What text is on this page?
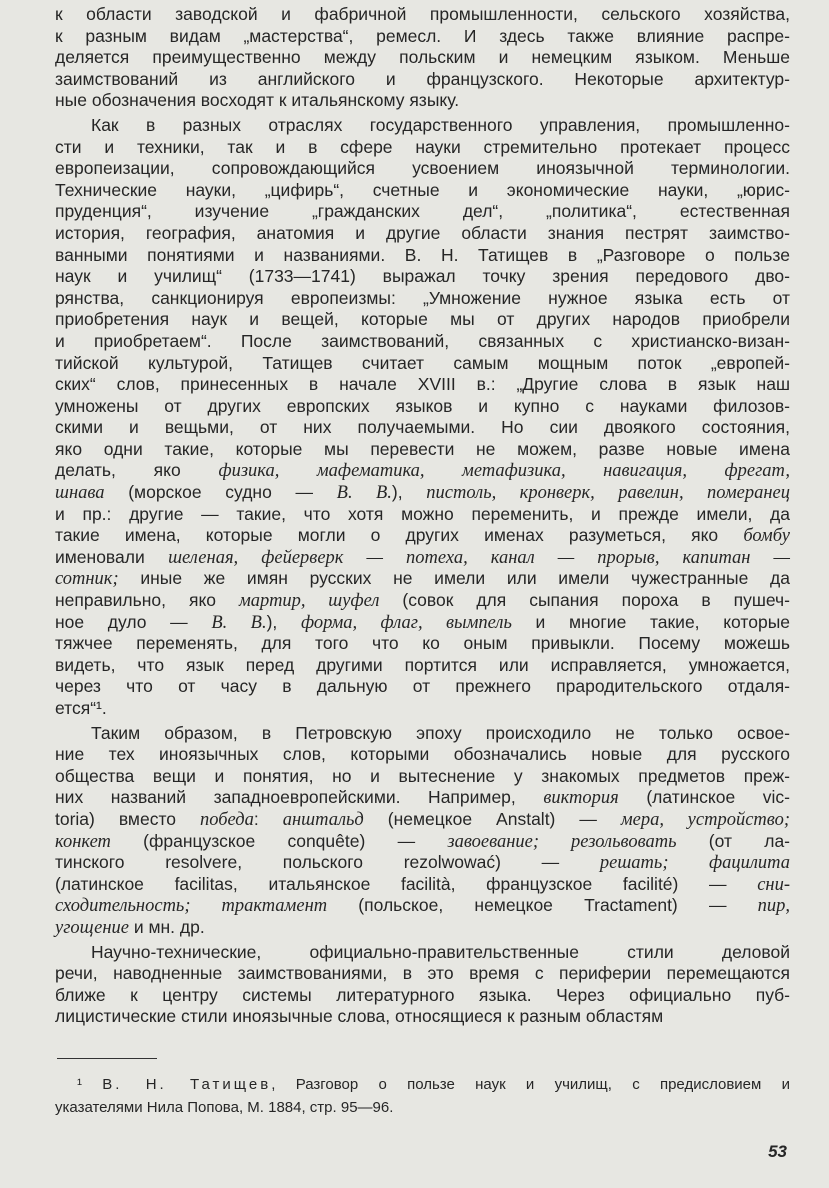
к области заводской и фабричной промышленности, сельского хозяйства,
к разным видам „мастерства“, ремесл. И здесь также влияние распре-
деляется преимущественно между польским и немецким языком. Меньше
заимствований из английского и французского. Некоторые архитектур-
ные обозначения восходят к итальянскому языку.
Как в разных отраслях государственного управления, промышленно-
сти и техники, так и в сфере науки стремительно протекает процесс
европеизации, сопровождающийся усвоением иноязычной терминологии.
Технические науки, „цифирь“, счетные и экономические науки, „юрис-
пруденция“, изучение „гражданских дел“, „политика“, естественная
история, география, анатомия и другие области знания пестрят заимство-
ванными понятиями и названиями. В. Н. Татищев в „Разговоре о пользе
наук и училищ“ (1733—1741) выражал точку зрения передового дво-
рянства, санкционируя европеизмы: „Умножение нужное языка есть от
приобретения наук и вещей, которые мы от других народов приобрели
и приобретаем“. После заимствований, связанных с христианско-визан-
тийской культурой, Татищев считает самым мощным поток „европей-
ских“ слов, принесенных в начале XVIII в.: „Другие слова в язык наш
умножены от других европских языков и купно с науками филозов-
скими и вещьми, от них получаемыми. Но сии двоякого состояния,
яко одни такие, которые мы перевести не можем, разве новые имена
делать, яко физика, мафематика, метафизика, навигация, фрегат,
шнава (морское судно — В. В.), пистоль, кронверк, равелин, померанец
и пр.: другие — такие, что хотя можно переменить, и прежде имели, да
такие имена, которые могли о других именах разуметься, яко бомбу
именовали шеленая, фейерверк — потеха, канал — прорыв, капитан —
сотник; иные же имян русских не имели или имели чужестранные да
неправильно, яко мартир, шуфел (совок для сыпания пороха в пушеч-
ное дуло — В. В.), форма, флаг, вымпель и многие такие, которые
тяжчее переменять, для того что ко оным привыкли. Посему можешь
видеть, что язык перед другими портится или исправляется, умножается,
через что от часу в дальную от прежнего прародительского отдаля-
ется“¹.
Таким образом, в Петровскую эпоху происходило не только освое-
ние тех иноязычных слов, которыми обозначались новые для русского
общества вещи и понятия, но и вытеснение у знакомых предметов преж-
них названий западноевропейскими. Например, виктория (латинское vic-
toria) вместо победа: анштальд (немецкое Anstalt) — мера, устройство;
конкет (французское conquête) — завоевание; резольвовать (от ла-
тинского resolvere, польского rezolwować) — решать; фацилита
(латинское facilitas, итальянское facilità, французское facilité) — сни-
сходительность; трактамент (польское, немецкое Tractament) — пир,
угощение и мн. др.
Научно-технические, официально-правительственные стили деловой
речи, наводненные заимствованиями, в это время с периферии перемещаются
ближе к центру системы литературного языка. Через официально пуб-
лицистические стили иноязычные слова, относящиеся к разным областям
¹ В. Н. Татищев, Разговор о пользе наук и училищ, с предисловием и
указателями Нила Попова, М. 1884, стр. 95—96.
53
